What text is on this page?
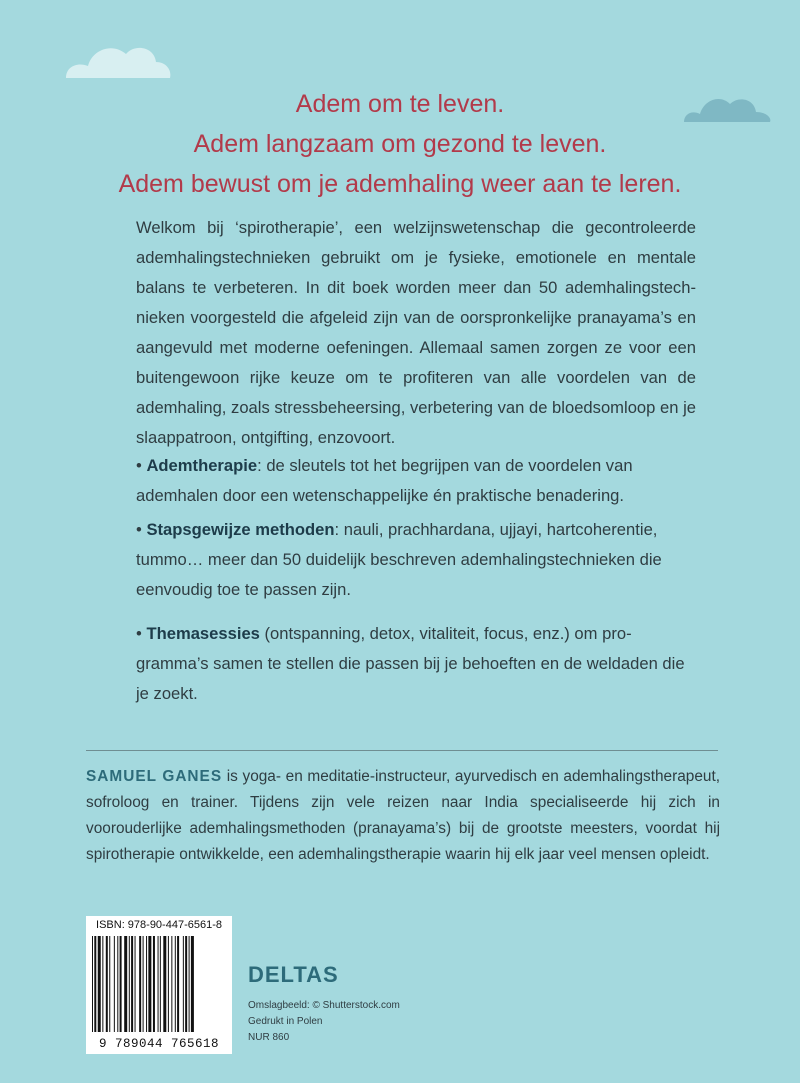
Adem om te leven.
Adem langzaam om gezond te leven.
Adem bewust om je ademhaling weer aan te leren.
Welkom bij ‘spirotherapie’, een welzijnswetenschap die gecontroleerde ademhalingstechnieken gebruikt om je fysieke, emotionele en mentale balans te verbeteren. In dit boek worden meer dan 50 ademhalingstechnieken voorgesteld die afgeleid zijn van de oorspronkelijke pranayama’s en aangevuld met moderne oefeningen. Allemaal samen zorgen ze voor een buitengewoon rijke keuze om te profiteren van alle voordelen van de ademhaling, zoals stressbeheersing, verbetering van de bloedsomloop en je slaappatroon, ontgifting, enzovoort.
• Ademtherapie: de sleutels tot het begrijpen van de voordelen van ademhalen door een wetenschappelijke én praktische benadering.
• Stapsgewijze methoden: nauli, prachhardana, ujjayi, hartcoherentie, tummo… meer dan 50 duidelijk beschreven ademhalingstechnieken die eenvoudig toe te passen zijn.
• Themasessies (ontspanning, detox, vitaliteit, focus, enz.) om programma’s samen te stellen die passen bij je behoeften en de weldaden die je zoekt.
SAMUEL GANES is yoga- en meditatie-instructeur, ayurvedisch en ademhalingstherapeut, sofroloog en trainer. Tijdens zijn vele reizen naar India specialiseerde hij zich in voorouderlijke ademhalingsmethoden (pranayama’s) bij de grootste meesters, voordat hij spirotherapie ontwikkelde, een ademhalingstherapie waarin hij elk jaar veel mensen opleidt.
ISBN: 978-90-447-6561-8
9 789044 765618
DELTAS
Omslagbeeld: © Shutterstock.com
Gedrukt in Polen
NUR 860
